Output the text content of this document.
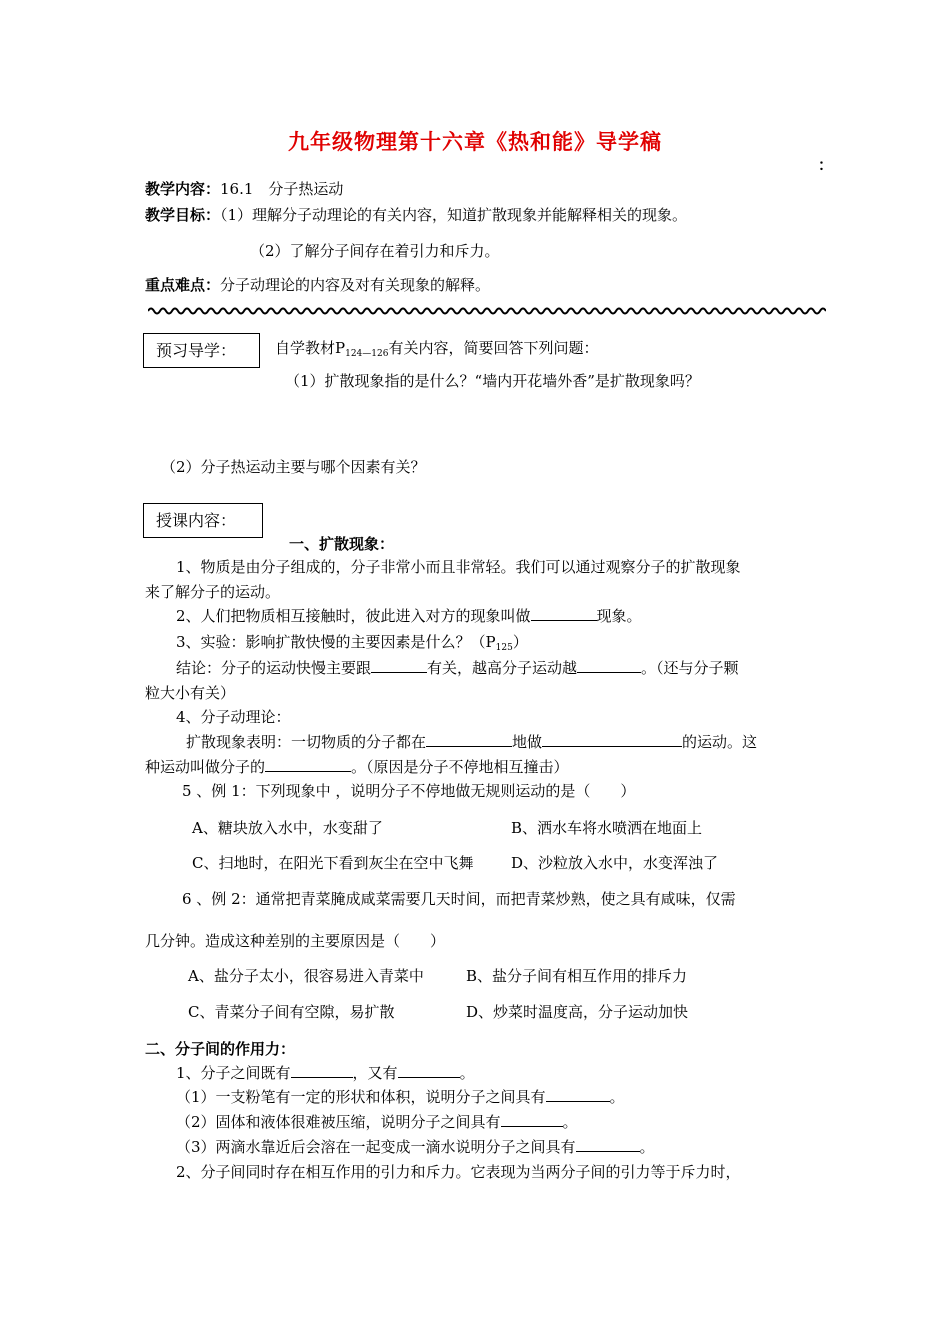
九年级物理第十六章《热和能》导学稿
：
教学内容：16.1　分子热运动
教学目标：（1）理解分子动理论的有关内容，知道扩散现象并能解释相关的现象。
（2）了解分子间存在着引力和斥力。
重点难点：分子动理论的内容及对有关现象的解释。
预习导学：	自学教材$P_{124—126}$有关内容，简要回答下列问题：
（1）扩散现象指的是什么？“墙内开花墙外香”是扩散现象吗？
（2）分子热运动主要与哪个因素有关？
授课内容：
一、扩散现象：
1、物质是由分子组成的，分子非常小而且非常轻。我们可以通过观察分子的扩散现象
来了解分子的运动。
2、人们把物质相互接触时，彼此进入对方的现象叫做	现象。
3、实验：影响扩散快慢的主要因素是什么？$(P_{125})$
结论：分子的运动快慢主要跟	有关，越高分子运动越	。（还与分子颗
粒大小有关）
4、分子动理论：
扩散现象表明：一切物质的分子都在	地做	的运动。这
种运动叫做分子的	。（原因是分子不停地相互撞击）
5 、例 1：下列现象中 ，说明分子不停地做无规则运动的是（　　）
A、糖块放入水中，水变甜了	B、洒水车将水喷洒在地面上
C、扫地时，在阳光下看到灰尘在空中飞舞	D、沙粒放入水中，水变浑浊了
6 、例 2：通常把青菜腌成咸菜需要几天时间，而把青菜炒熟，使之具有咸味，仅需
几分钟。造成这种差别的主要原因是（　　）
A、盐分子太小，很容易进入青菜中	B、盐分子间有相互作用的排斥力
C、青菜分子间有空隙，易扩散	D、炒菜时温度高，分子运动加快
二、分子间的作用力：
1、分子之间既有	，又有	。
（1）一支粉笔有一定的形状和体积，说明分子之间具有	。
（2）固体和液体很难被压缩，说明分子之间具有	。
（3）两滴水靠近后会溶在一起变成一滴水说明分子之间具有	。
2、分子间同时存在相互作用的引力和斥力。它表现为当两分子间的引力等于斥力时，
